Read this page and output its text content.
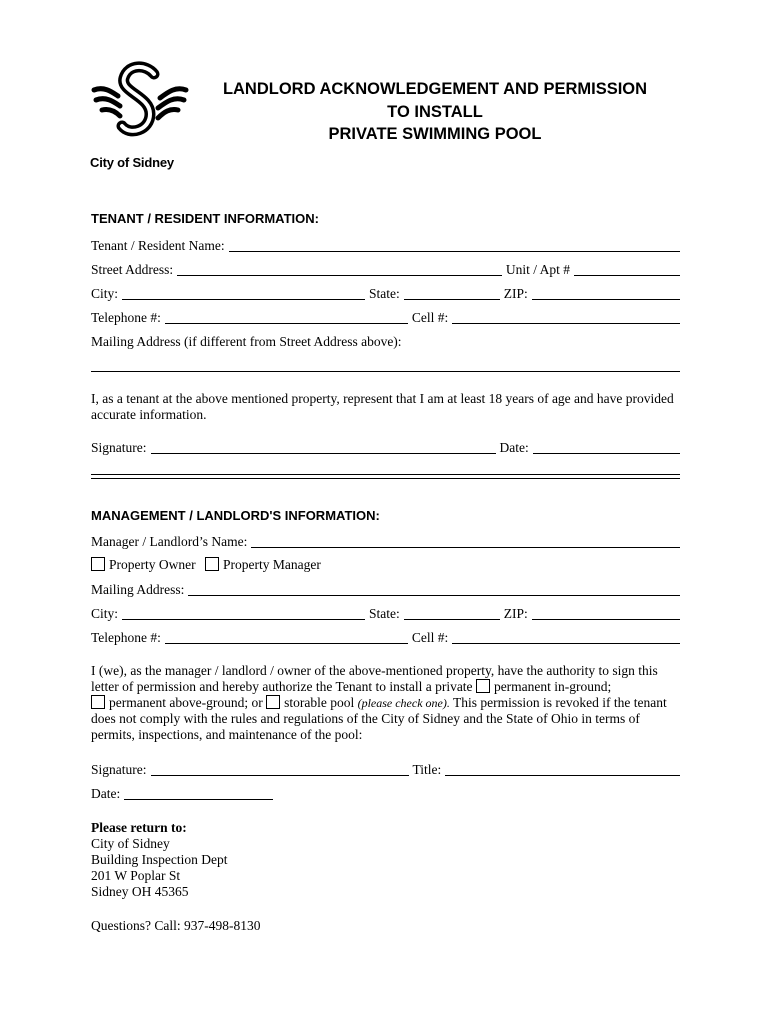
City of Sidney
LANDLORD ACKNOWLEDGEMENT AND PERMISSION
TO INSTALL
PRIVATE SWIMMING POOL
TENANT / RESIDENT INFORMATION:
Tenant / Resident Name:
Street Address:	Unit / Apt #
City:	State:	ZIP:
Telephone #:	Cell #:
Mailing Address (if different from Street Address above):
I, as a tenant at the above mentioned property, represent that I am at least 18 years of age and have provided accurate information.
Signature:	Date:
MANAGEMENT / LANDLORD'S INFORMATION:
Manager / Landlord’s Name:
Property Owner Property Manager
Mailing Address:
City:	State:	ZIP:
Telephone #:	Cell #:
I (we), as the manager / landlord / owner of the above-mentioned property, have the authority to sign this letter of permission and hereby authorize the Tenant to install a private permanent in-ground;
permanent above-ground; or storable pool (please check one). This permission is revoked if the tenant does not comply with the rules and regulations of the City of Sidney and the State of Ohio in terms of permits, inspections, and maintenance of the pool:
Signature:	Title:
Date:
Please return to:
City of Sidney
Building Inspection Dept
201 W Poplar St
Sidney OH 45365
Questions? Call: 937-498-8130
